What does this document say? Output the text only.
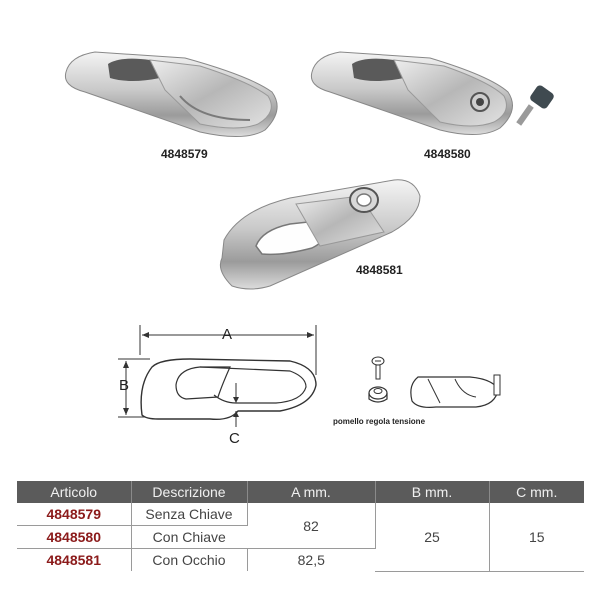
4848579	4848580
4848581
A
B
C
pomello regola tensione
Articolo	Descrizione	A mm.	B mm.	C mm.
4848579	Senza Chiave	82	25	15
4848580	Con Chiave			
4848581	Con Occhio	82,5		
